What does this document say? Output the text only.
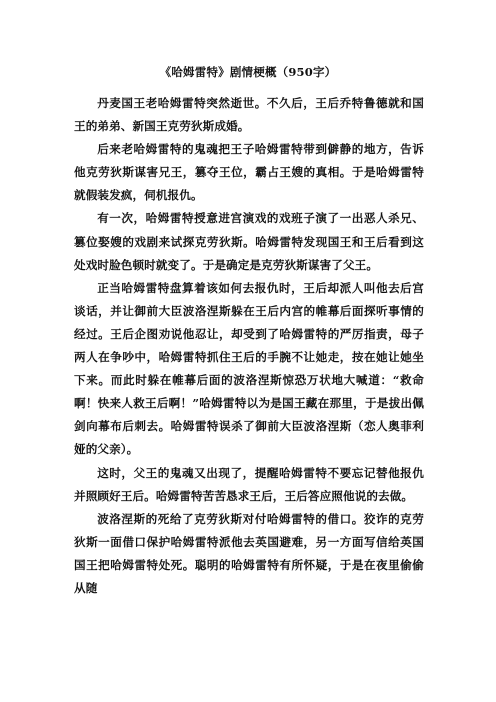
《哈姆雷特》剧情梗概（950字）

丹麦国王老哈姆雷特突然逝世。不久后，王后乔特鲁德就和国王的弟弟、新国王克劳狄斯成婚。

后来老哈姆雷特的鬼魂把王子哈姆雷特带到僻静的地方，告诉他克劳狄斯谋害兄王，篡夺王位，霸占王嫂的真相。于是哈姆雷特就假装发疯，伺机报仇。

有一次，哈姆雷特授意进宫演戏的戏班子演了一出恶人杀兄、篡位娶嫂的戏剧来试探克劳狄斯。哈姆雷特发现国王和王后看到这处戏时脸色顿时就变了。于是确定是克劳狄斯谋害了父王。

正当哈姆雷特盘算着该如何去报仇时，王后却派人叫他去后宫谈话，并让御前大臣波洛涅斯躲在王后内宫的帷幕后面探听事情的经过。王后企图劝说他忍让，却受到了哈姆雷特的严厉指责，母子两人在争吵中，哈姆雷特抓住王后的手腕不让她走，按在她让她坐下来。而此时躲在帷幕后面的波洛涅斯惊恐万状地大喊道：“救命啊！快来人救王后啊！”哈姆雷特以为是国王藏在那里，于是拔出佩剑向幕布后刺去。哈姆雷特误杀了御前大臣波洛涅斯（恋人奥菲利娅的父亲）。

这时，父王的鬼魂又出现了，提醒哈姆雷特不要忘记替他报仇并照顾好王后。哈姆雷特苦苦恳求王后，王后答应照他说的去做。

波洛涅斯的死给了克劳狄斯对付哈姆雷特的借口。狡诈的克劳狄斯一面借口保护哈姆雷特派他去英国避难，另一方面写信给英国国王把哈姆雷特处死。聪明的哈姆雷特有所怀疑，于是在夜里偷偷从随
